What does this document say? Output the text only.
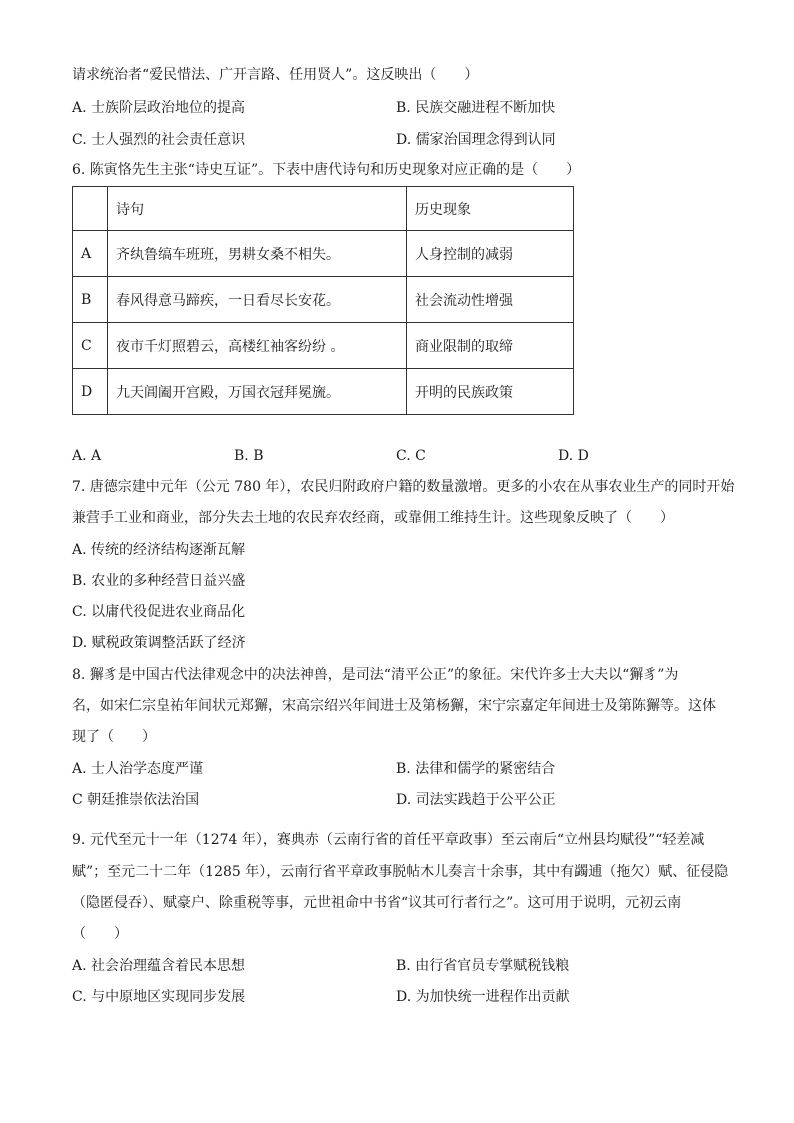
请求统治者“爱民惜法、广开言路、任用贤人”。这反映出（　　）
A. 士族阶层政治地位的提高	B. 民族交融进程不断加快
C. 士人强烈的社会责任意识	D. 儒家治国理念得到认同
6. 陈寅恪先生主张“诗史互证”。下表中唐代诗句和历史现象对应正确的是（　　）
	诗句	历史现象
A	齐纨鲁缟车班班，男耕女桑不相失。	人身控制的减弱
B	春风得意马蹄疾，一日看尽长安花。	社会流动性增强
C	夜市千灯照碧云，高楼红袖客纷纷 。	商业限制的取缔
D	九天阊阖开宫殿，万国衣冠拜冕旒。	开明的民族政策
A. A	B. B	C. C	D. D
7. 唐德宗建中元年（公元 780 年），农民归附政府户籍的数量激增。更多的小农在从事农业生产的同时开始
兼营手工业和商业，部分失去土地的农民弃农经商，或靠佣工维持生计。这些现象反映了（　　）
A. 传统的经济结构逐渐瓦解
B. 农业的多种经营日益兴盛
C. 以庸代役促进农业商品化
D. 赋税政策调整活跃了经济
8. 獬豸是中国古代法律观念中的决法神兽，是司法“清平公正”的象征。宋代许多士大夫以“獬豸”为
名，如宋仁宗皇祐年间状元郑獬，宋高宗绍兴年间进士及第杨獬，宋宁宗嘉定年间进士及第陈獬等。这体
现了（　　）
A. 士人治学态度严谨	B. 法律和儒学的紧密结合
C 朝廷推崇依法治国	D. 司法实践趋于公平公正
9. 元代至元十一年（1274 年），赛典赤（云南行省的首任平章政事）至云南后“立州县均赋役”“轻差减
赋”；至元二十二年（1285 年），云南行省平章政事脱帖木儿奏言十余事，其中有蠲逋（拖欠）赋、征侵隐
（隐匿侵吞）、赋豪户、除重税等事，元世祖命中书省“议其可行者行之”。这可用于说明，元初云南
（　　）
A. 社会治理蕴含着民本思想	B. 由行省官员专掌赋税钱粮
C. 与中原地区实现同步发展	D. 为加快统一进程作出贡献
